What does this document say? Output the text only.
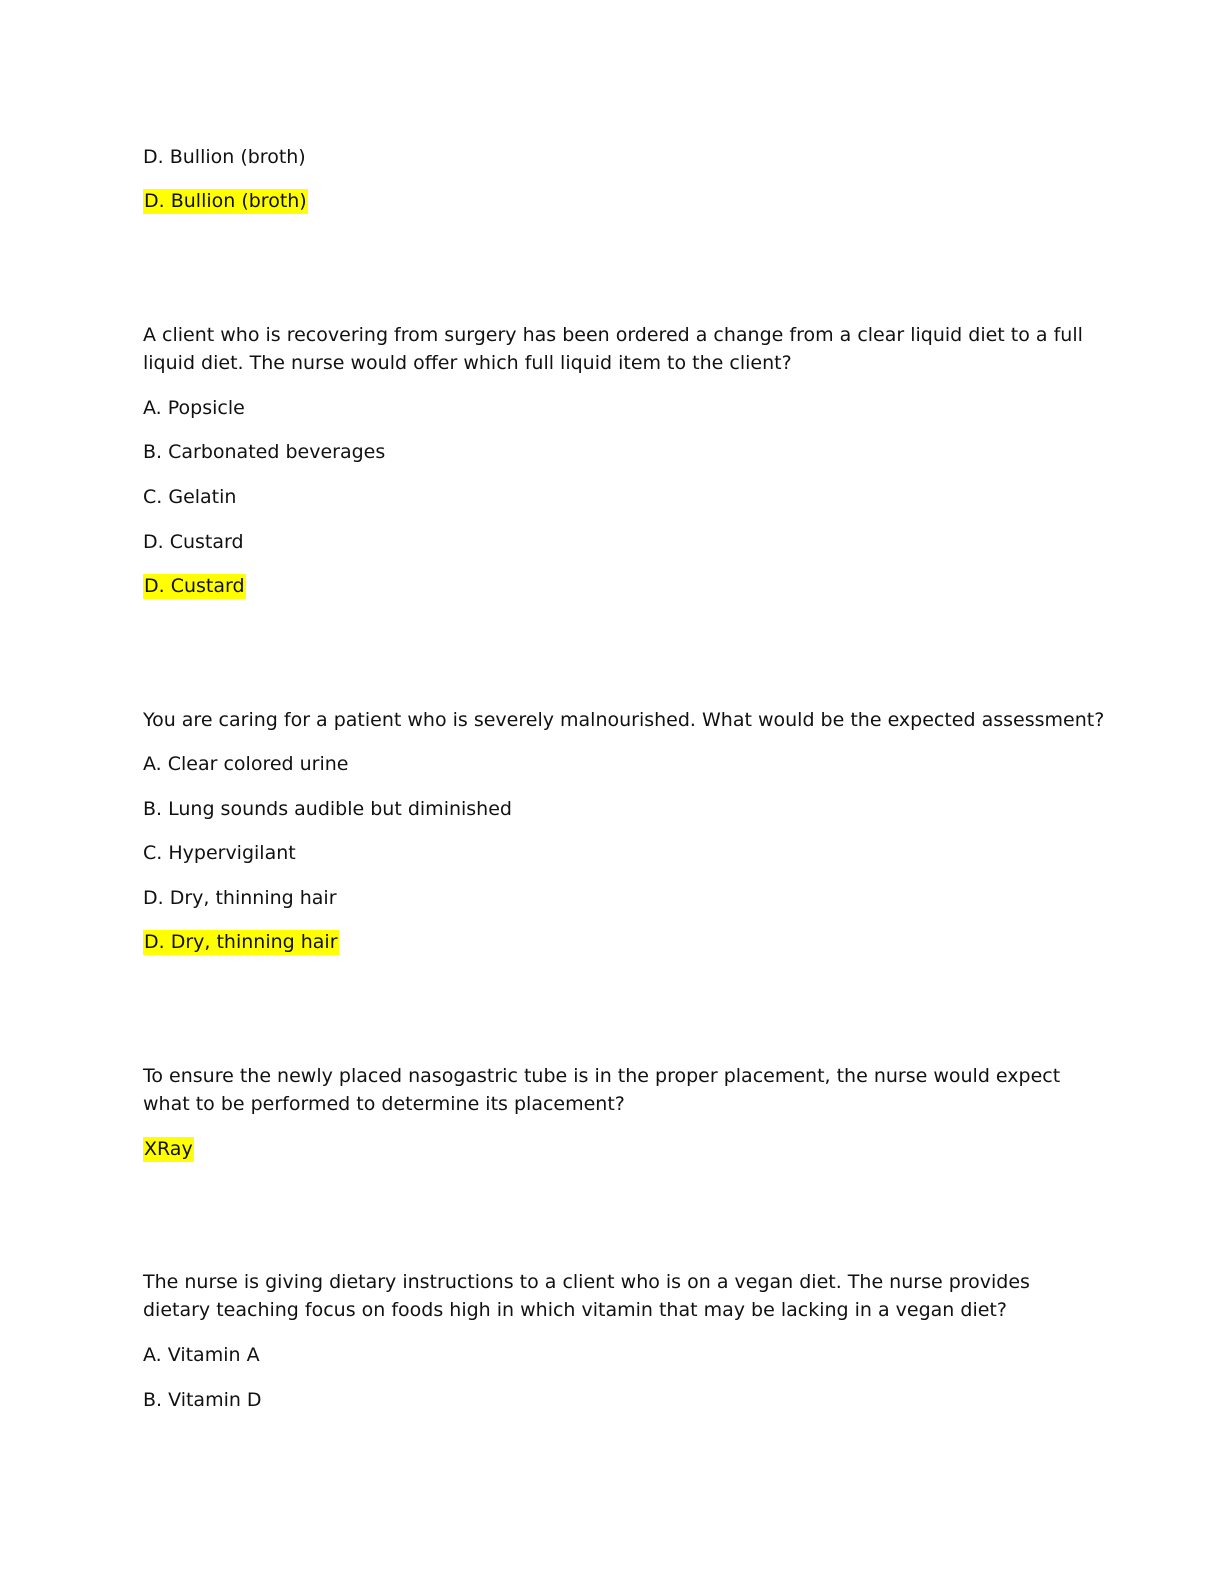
D. Bullion (broth)
D. Bullion (broth)
A client who is recovering from surgery has been ordered a change from a clear liquid diet to a full liquid diet. The nurse would offer which full liquid item to the client?
A. Popsicle
B. Carbonated beverages
C. Gelatin
D. Custard
D. Custard
You are caring for a patient who is severely malnourished. What would be the expected assessment?
A. Clear colored urine
B. Lung sounds audible but diminished
C. Hypervigilant
D. Dry, thinning hair
D. Dry, thinning hair
To ensure the newly placed nasogastric tube is in the proper placement, the nurse would expect what to be performed to determine its placement?
XRay
The nurse is giving dietary instructions to a client who is on a vegan diet. The nurse provides dietary teaching focus on foods high in which vitamin that may be lacking in a vegan diet?
A. Vitamin A
B. Vitamin D
